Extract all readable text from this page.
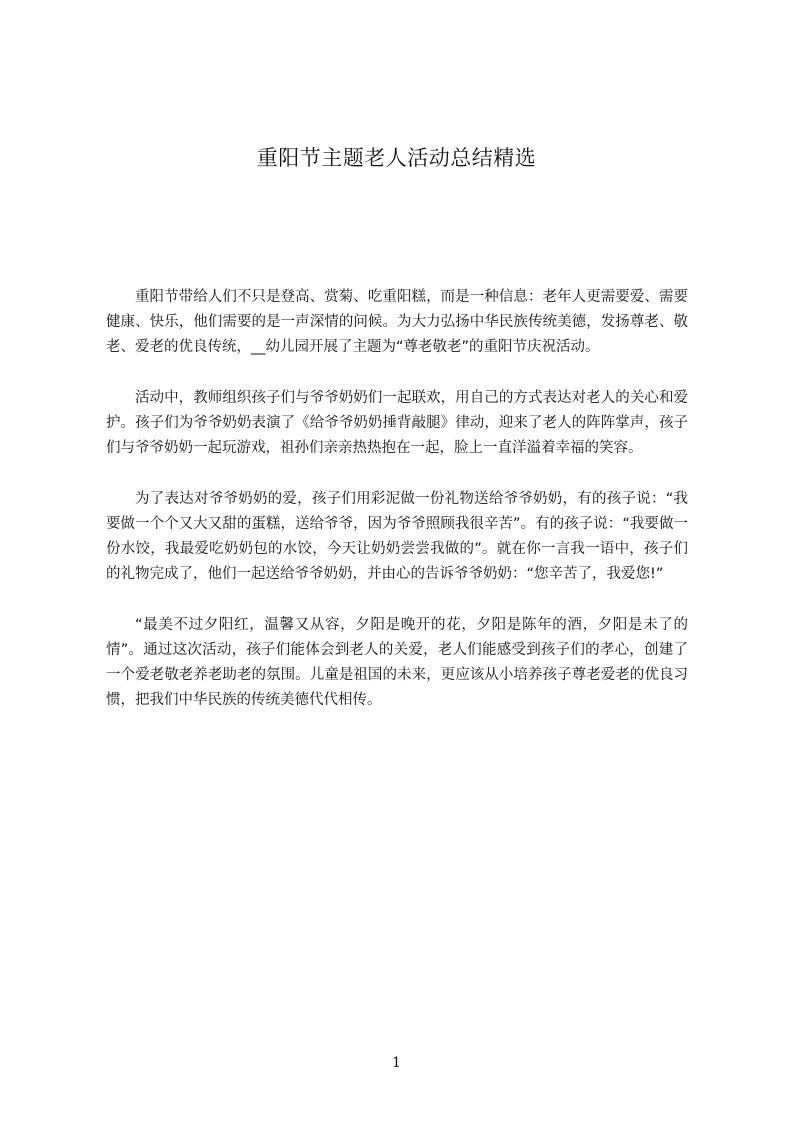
重阳节主题老人活动总结精选

重阳节带给人们不只是登高、赏菊、吃重阳糕，而是一种信息：老年人更需要爱、需要健康、快乐，他们需要的是一声深情的问候。为大力弘扬中华民族传统美德，发扬尊老、敬老、爱老的优良传统，__幼儿园开展了主题为“尊老敬老”的重阳节庆祝活动。

活动中，教师组织孩子们与爷爷奶奶们一起联欢，用自己的方式表达对老人的关心和爱护。孩子们为爷爷奶奶表演了《给爷爷奶奶捶背敲腿》律动，迎来了老人的阵阵掌声，孩子们与爷爷奶奶一起玩游戏，祖孙们亲亲热热抱在一起，脸上一直洋溢着幸福的笑容。

为了表达对爷爷奶奶的爱，孩子们用彩泥做一份礼物送给爷爷奶奶，有的孩子说：“我要做一个个又大又甜的蛋糕，送给爷爷，因为爷爷照顾我很辛苦”。有的孩子说：“我要做一份水饺，我最爱吃奶奶包的水饺，今天让奶奶尝尝我做的”。就在你一言我一语中，孩子们的礼物完成了，他们一起送给爷爷奶奶，并由心的告诉爷爷奶奶：“您辛苦了，我爱您!”

“最美不过夕阳红，温馨又从容，夕阳是晚开的花，夕阳是陈年的酒，夕阳是未了的情”。通过这次活动，孩子们能体会到老人的关爱，老人们能感受到孩子们的孝心，创建了一个爱老敬老养老助老的氛围。儿童是祖国的未来，更应该从小培养孩子尊老爱老的优良习惯，把我们中华民族的传统美德代代相传。

1
